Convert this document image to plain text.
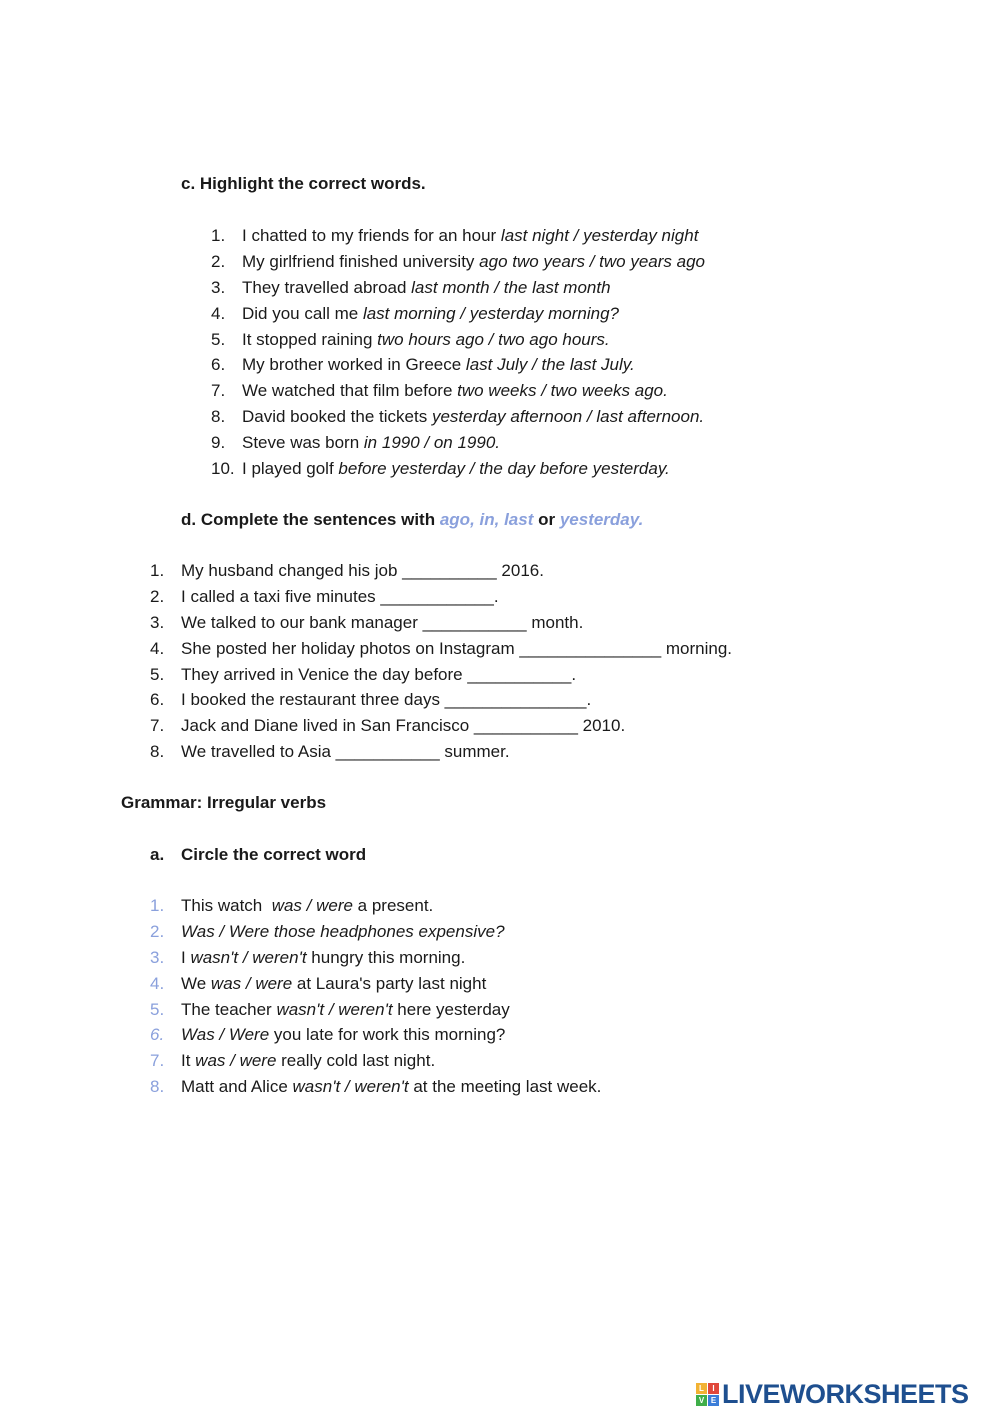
c. Highlight the correct words.
1. I chatted to my friends for an hour last night / yesterday night
2. My girlfriend finished university ago two years / two years ago
3. They travelled abroad last month / the last month
4. Did you call me last morning / yesterday morning?
5. It stopped raining two hours ago / two ago hours.
6. My brother worked in Greece last July / the last July.
7. We watched that film before two weeks / two weeks ago.
8. David booked the tickets yesterday afternoon / last afternoon.
9. Steve was born in 1990 / on 1990.
10. I played golf before yesterday / the day before yesterday.
d. Complete the sentences with ago, in, last or yesterday.
1. My husband changed his job __________ 2016.
2. I called a taxi five minutes ____________.
3. We talked to our bank manager ___________ month.
4. She posted her holiday photos on Instagram _______________ morning.
5. They arrived in Venice the day before ___________.
6. I booked the restaurant three days _______________.
7. Jack and Diane lived in San Francisco ___________ 2010.
8. We travelled to Asia ___________ summer.
Grammar: Irregular verbs
a. Circle the correct word
1. This watch  was / were a present.
2. Was / Were those headphones expensive?
3. I wasn't / weren't hungry this morning.
4. We was / were at Laura's party last night
5. The teacher wasn't / weren't here yesterday
6. Was / Were you late for work this morning?
7. It was / were really cold last night.
8. Matt and Alice wasn't / weren't at the meeting last week.
L	I
V E LIVEWORKSHEETS
